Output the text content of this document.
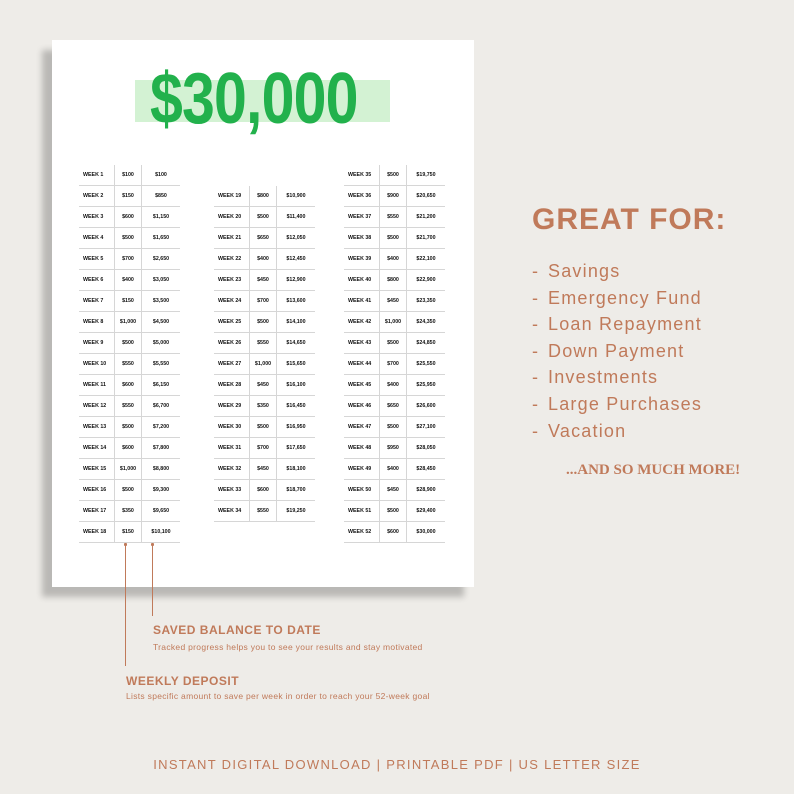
$30,000
WEEK 1	$100	$100
WEEK 2	$150	$850
WEEK 3	$600	$1,150
WEEK 4	$500	$1,650
WEEK 5	$700	$2,650
WEEK 6	$400	$3,050
WEEK 7	$150	$3,500
WEEK 8	$1,000	$4,500
WEEK 9	$500	$5,000
WEEK 10	$550	$5,550
WEEK 11	$600	$6,150
WEEK 12	$550	$6,700
WEEK 13	$500	$7,200
WEEK 14	$600	$7,800
WEEK 15	$1,000	$8,800
WEEK 16	$500	$9,300
WEEK 17	$350	$9,650
WEEK 18	$150	$10,100
WEEK 19	$800	$10,900
WEEK 20	$500	$11,400
WEEK 21	$650	$12,050
WEEK 22	$400	$12,450
WEEK 23	$450	$12,900
WEEK 24	$700	$13,600
WEEK 25	$500	$14,100
WEEK 26	$550	$14,650
WEEK 27	$1,000	$15,650
WEEK 28	$450	$16,100
WEEK 29	$350	$16,450
WEEK 30	$500	$16,950
WEEK 31	$700	$17,650
WEEK 32	$450	$18,100
WEEK 33	$600	$18,700
WEEK 34	$550	$19,250
WEEK 35	$500	$19,750
WEEK 36	$900	$20,650
WEEK 37	$550	$21,200
WEEK 38	$500	$21,700
WEEK 39	$400	$22,100
WEEK 40	$800	$22,900
WEEK 41	$450	$23,350
WEEK 42	$1,000	$24,350
WEEK 43	$500	$24,850
WEEK 44	$700	$25,550
WEEK 45	$400	$25,950
WEEK 46	$650	$26,600
WEEK 47	$500	$27,100
WEEK 48	$950	$28,050
WEEK 49	$400	$28,450
WEEK 50	$450	$28,900
WEEK 51	$500	$29,400
WEEK 52	$600	$30,000

SAVED BALANCE TO DATE

Tracked progress helps you to see your results and stay motivated

WEEKLY DEPOSIT

Lists specific amount to save per week in order to reach your 52-week goal

GREAT FOR:
- Savings
- Emergency Fund
- Loan Repayment
- Down Payment
- Investments
- Large Purchases
- Vacation

...AND SO MUCH MORE!

INSTANT DIGITAL DOWNLOAD | PRINTABLE PDF | US LETTER SIZE
